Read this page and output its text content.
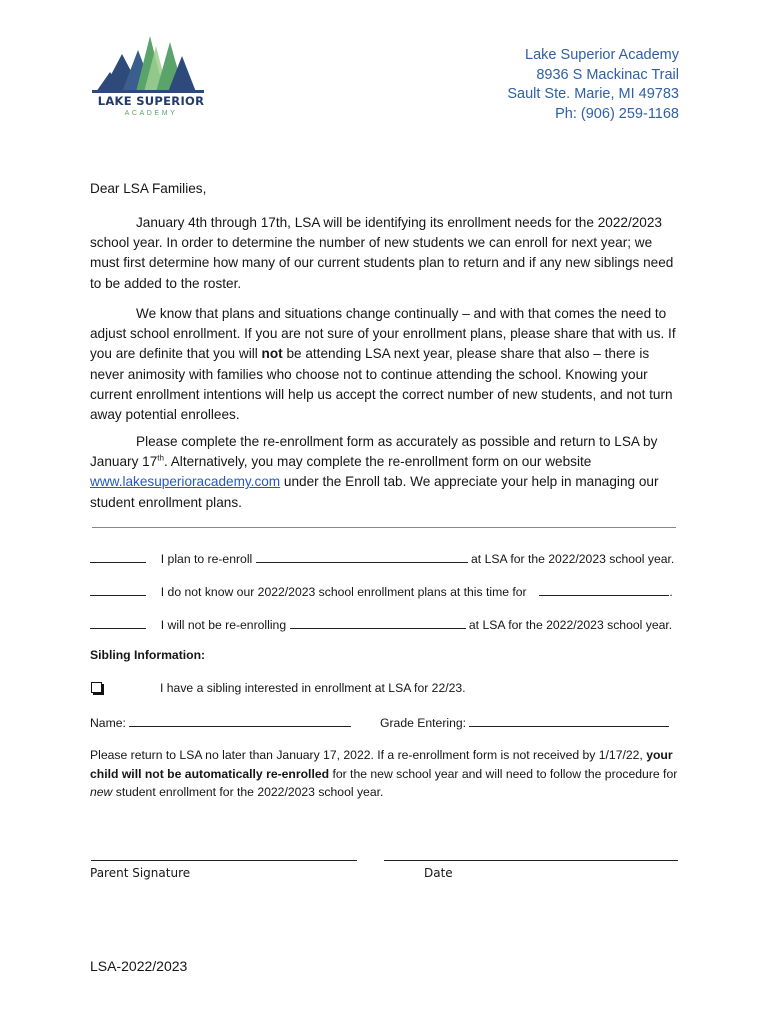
LAKE SUPERIOR
ACADEMY
Lake Superior Academy
8936 S Mackinac Trail
Sault Ste. Marie, MI 49783
Ph: (906) 259-1168

Dear LSA Families,

January 4th through 17th, LSA will be identifying its enrollment needs for the 2022/2023 school year. In order to determine the number of new students we can enroll for next year; we must first determine how many of our current students plan to return and if any new siblings need to be added to the roster.

We know that plans and situations change continually – and with that comes the need to adjust school enrollment. If you are not sure of your enrollment plans, please share that with us. If you are definite that you will not be attending LSA next year, please share that also – there is never animosity with families who choose not to continue attending the school. Knowing your current enrollment intentions will help us accept the correct number of new students, and not turn away potential enrollees.

Please complete the re-enrollment form as accurately as possible and return to LSA by January 17th. Alternatively, you may complete the re-enrollment form on our website www.lakesuperioracademy.com under the Enroll tab. We appreciate your help in managing our student enrollment plans.

I plan to re-enroll	at LSA for the 2022/2023 school year.
I do not know our 2022/2023 school enrollment plans at this time for	.
I will not be re-enrolling	at LSA for the 2022/2023 school year.
Sibling Information:
I have a sibling interested in enrollment at LSA for 22/23.
Name:	Grade Entering:

Please return to LSA no later than January 17, 2022. If a re-enrollment form is not received by 1/17/22, your child will not be automatically re-enrolled for the new school year and will need to follow the procedure for new student enrollment for the 2022/2023 school year.

Parent Signature	Date
LSA-2022/2023
